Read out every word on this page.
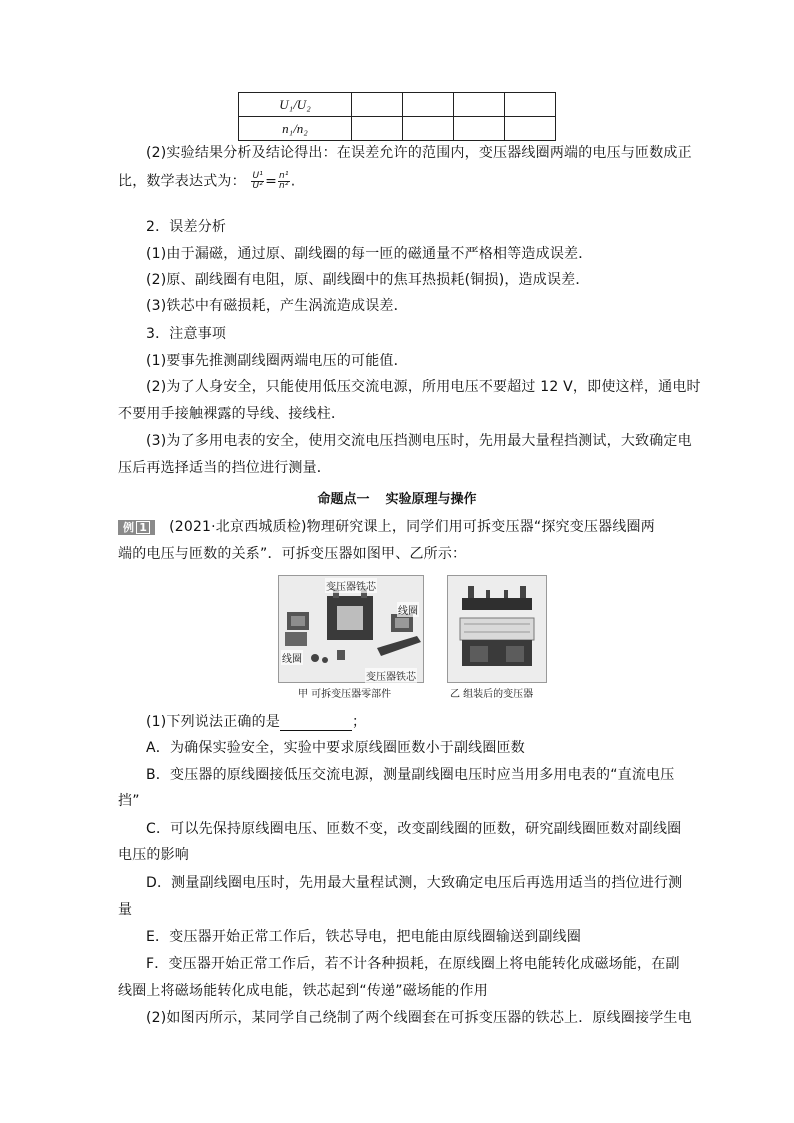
U₁/U₂				
n₁/n₂				
(2)实验结果分析及结论得出：在误差允许的范围内，变压器线圈两端的电压与匝数成正
比，数学表达式为： $\frac{\text{U¹}}{\text{U²}} = \frac{\text{n¹}}{\text{n²}}$ .
2．误差分析
(1)由于漏磁，通过原、副线圈的每一匝的磁通量不严格相等造成误差．
(2)原、副线圈有电阻，原、副线圈中的焦耳热损耗(铜损)，造成误差．
(3)铁芯中有磁损耗，产生涡流造成误差．
3．注意事项
(1)要事先推测副线圈两端电压的可能值．
(2)为了人身安全，只能使用低压交流电源，所用电压不要超过 12 V，即使这样，通电时
不要用手接触裸露的导线、接线柱．
(3)为了多用电表的安全，使用交流电压挡测电压时，先用最大量程挡测试，大致确定电
压后再选择适当的挡位进行测量．
命题点一 实验原理与操作
例 1 (2021·北京西城质检)物理研究课上，同学们用可拆变压器“探究变压器线圈两
端的电压与匝数的关系”．可拆变压器如图甲、乙所示：
变压器铁芯
线圈
线圈
变压器铁芯
甲 可拆变压器零部件	乙 组装后的变压器
(1)下列说法正确的是	；
A．为确保实验安全，实验中要求原线圈匝数小于副线圈匝数
B．变压器的原线圈接低压交流电源，测量副线圈电压时应当用多用电表的“直流电压
挡”
C．可以先保持原线圈电压、匝数不变，改变副线圈的匝数，研究副线圈匝数对副线圈
电压的影响
D．测量副线圈电压时，先用最大量程试测，大致确定电压后再选用适当的挡位进行测
量
E．变压器开始正常工作后，铁芯导电，把电能由原线圈输送到副线圈
F．变压器开始正常工作后，若不计各种损耗，在原线圈上将电能转化成磁场能，在副
线圈上将磁场能转化成电能，铁芯起到“传递”磁场能的作用
(2)如图丙所示，某同学自己绕制了两个线圈套在可拆变压器的铁芯上．原线圈接学生电
